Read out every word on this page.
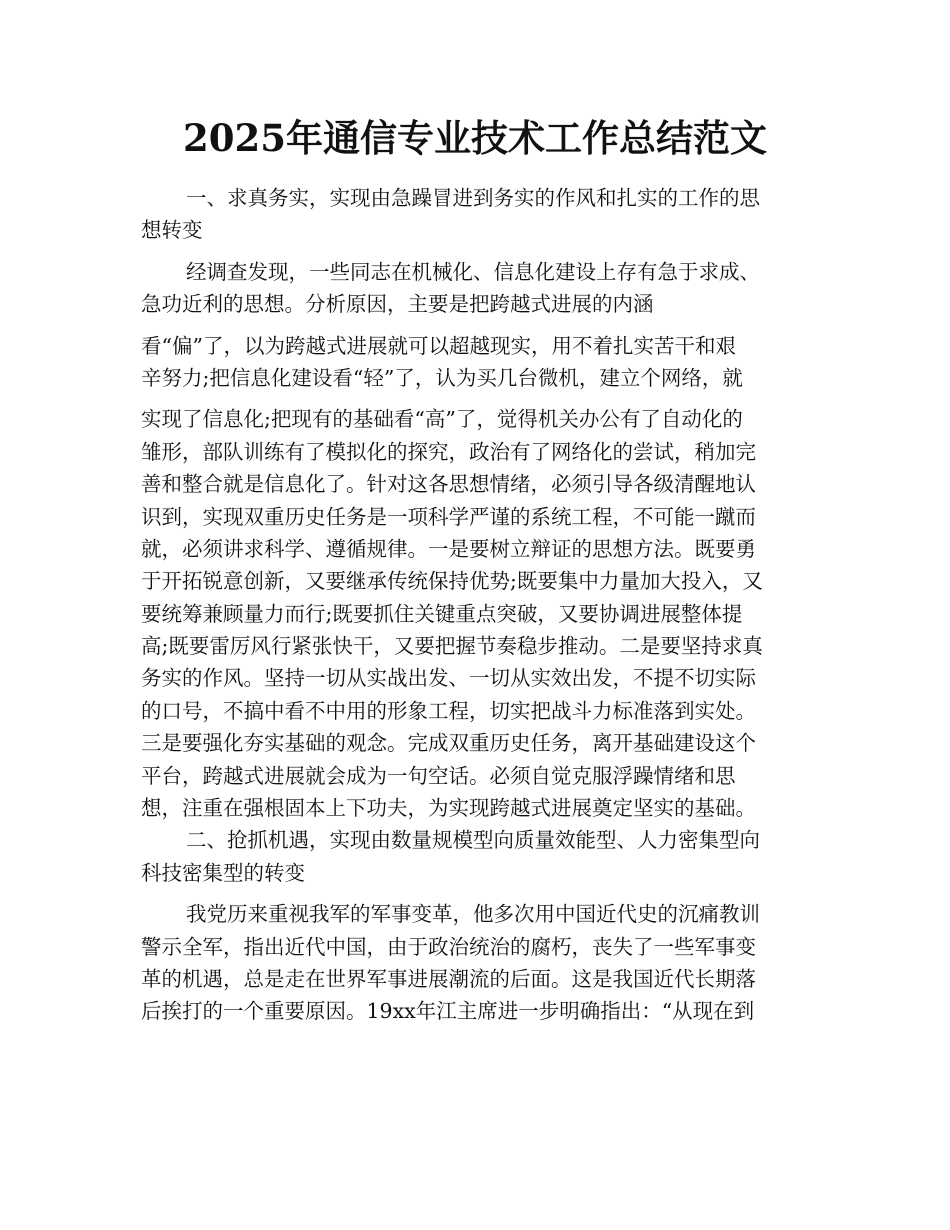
2025年通信专业技术工作总结范文
一、求真务实，实现由急躁冒进到务实的作风和扎实的工作的思
想转变
经调查发现，一些同志在机械化、信息化建设上存有急于求成、
急功近利的思想。分析原因，主要是把跨越式进展的内涵
看“偏”了，以为跨越式进展就可以超越现实，用不着扎实苦干和艰
辛努力;把信息化建设看“轻”了，认为买几台微机，建立个网络，就
实现了信息化;把现有的基础看“高”了，觉得机关办公有了自动化的
雏形，部队训练有了模拟化的探究，政治有了网络化的尝试，稍加完
善和整合就是信息化了。针对这各思想情绪，必须引导各级清醒地认
识到，实现双重历史任务是一项科学严谨的系统工程，不可能一蹴而
就，必须讲求科学、遵循规律。一是要树立辩证的思想方法。既要勇
于开拓锐意创新，又要继承传统保持优势;既要集中力量加大投入，又
要统筹兼顾量力而行;既要抓住关键重点突破，又要协调进展整体提
高;既要雷厉风行紧张快干，又要把握节奏稳步推动。二是要坚持求真
务实的作风。坚持一切从实战出发、一切从实效出发，不提不切实际
的口号，不搞中看不中用的形象工程，切实把战斗力标准落到实处。
三是要强化夯实基础的观念。完成双重历史任务，离开基础建设这个
平台，跨越式进展就会成为一句空话。必须自觉克服浮躁情绪和思
想，注重在强根固本上下功夫，为实现跨越式进展奠定坚实的基础。
二、抢抓机遇，实现由数量规模型向质量效能型、人力密集型向
科技密集型的转变
我党历来重视我军的军事变革，他多次用中国近代史的沉痛教训
警示全军，指出近代中国，由于政治统治的腐朽，丧失了一些军事变
革的机遇，总是走在世界军事进展潮流的后面。这是我国近代长期落
后挨打的一个重要原因。19xx年江主席进一步明确指出：“从现在到
